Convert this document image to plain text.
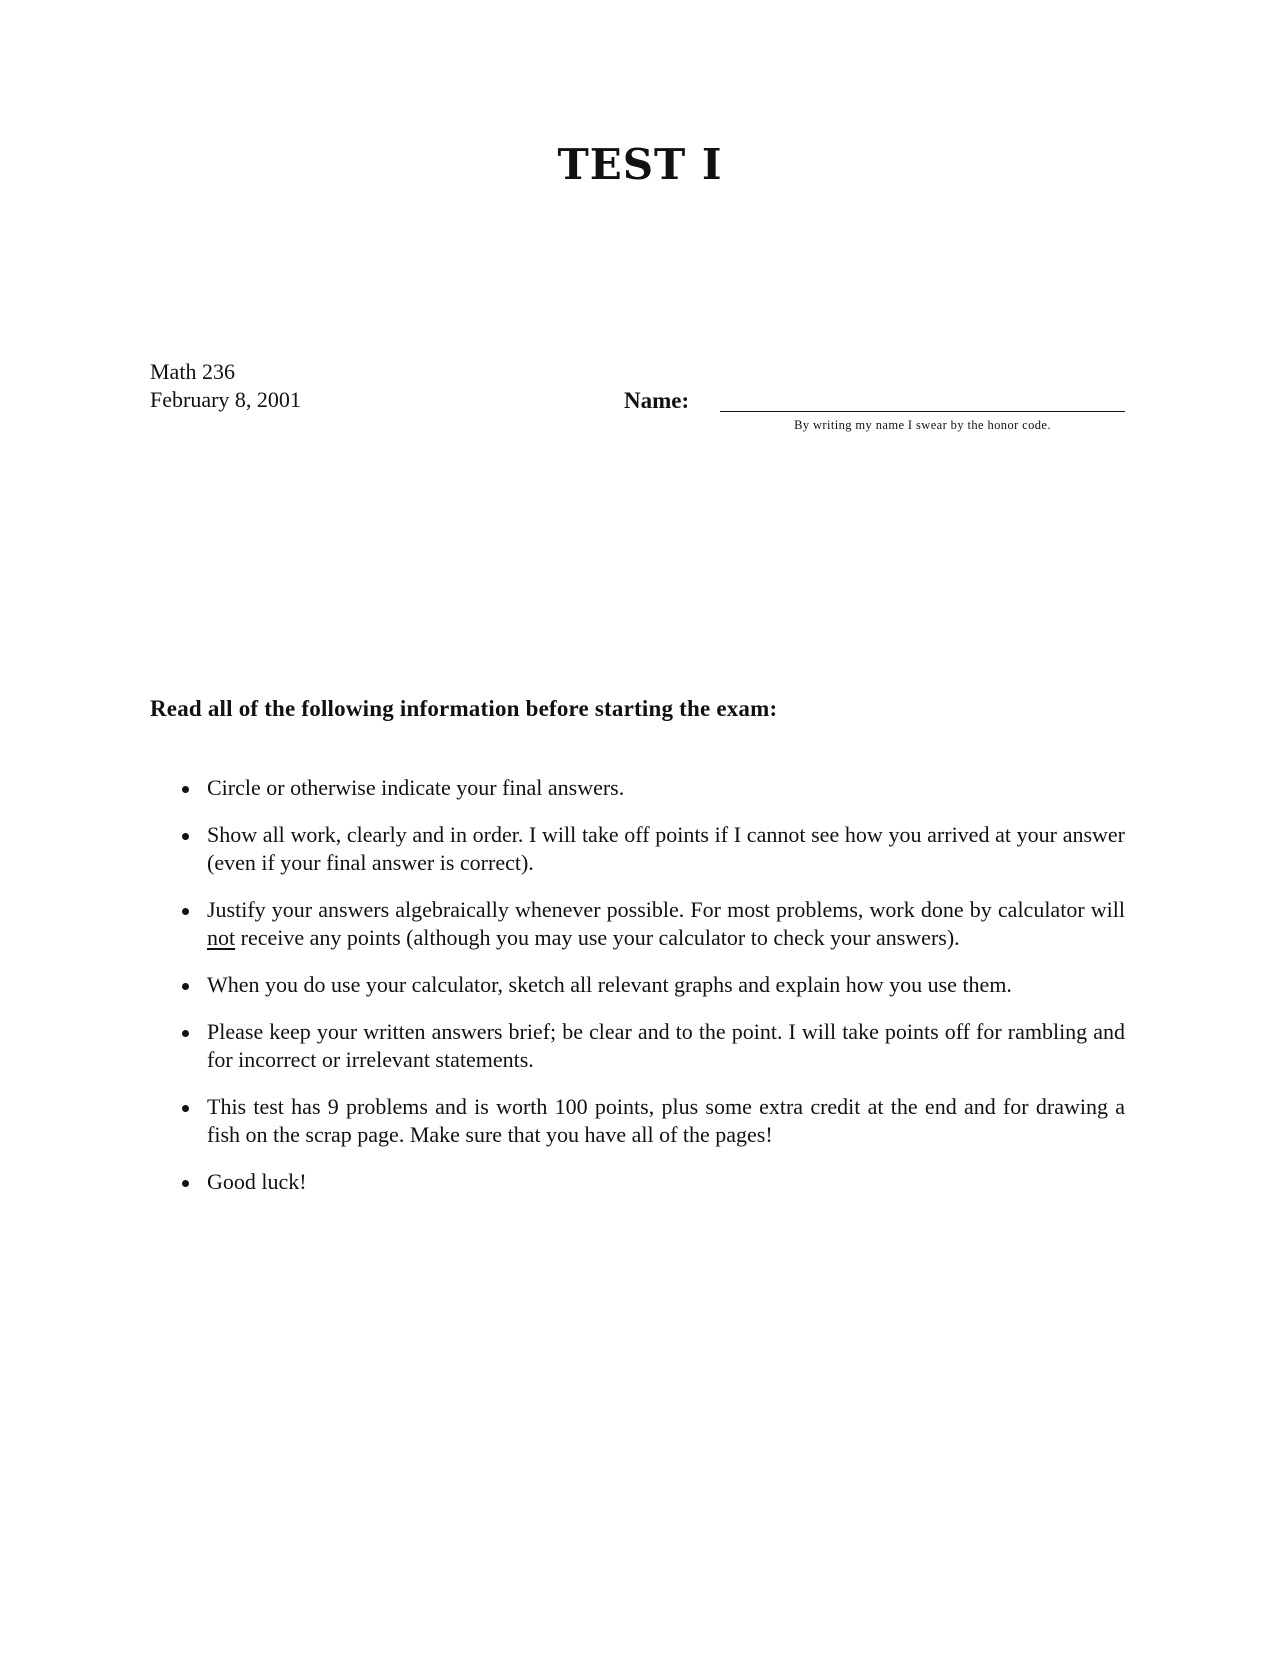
TEST I
Math 236
February 8, 2001	Name:
By writing my name I swear by the honor code.
Read all of the following information before starting the exam:
Circle or otherwise indicate your final answers.
Show all work, clearly and in order. I will take off points if I cannot see how you arrived at your answer (even if your final answer is correct).
Justify your answers algebraically whenever possible. For most problems, work done by calculator will not receive any points (although you may use your calculator to check your answers).
When you do use your calculator, sketch all relevant graphs and explain how you use them.
Please keep your written answers brief; be clear and to the point. I will take points off for rambling and for incorrect or irrelevant statements.
This test has 9 problems and is worth 100 points, plus some extra credit at the end and for drawing a fish on the scrap page. Make sure that you have all of the pages!
Good luck!
